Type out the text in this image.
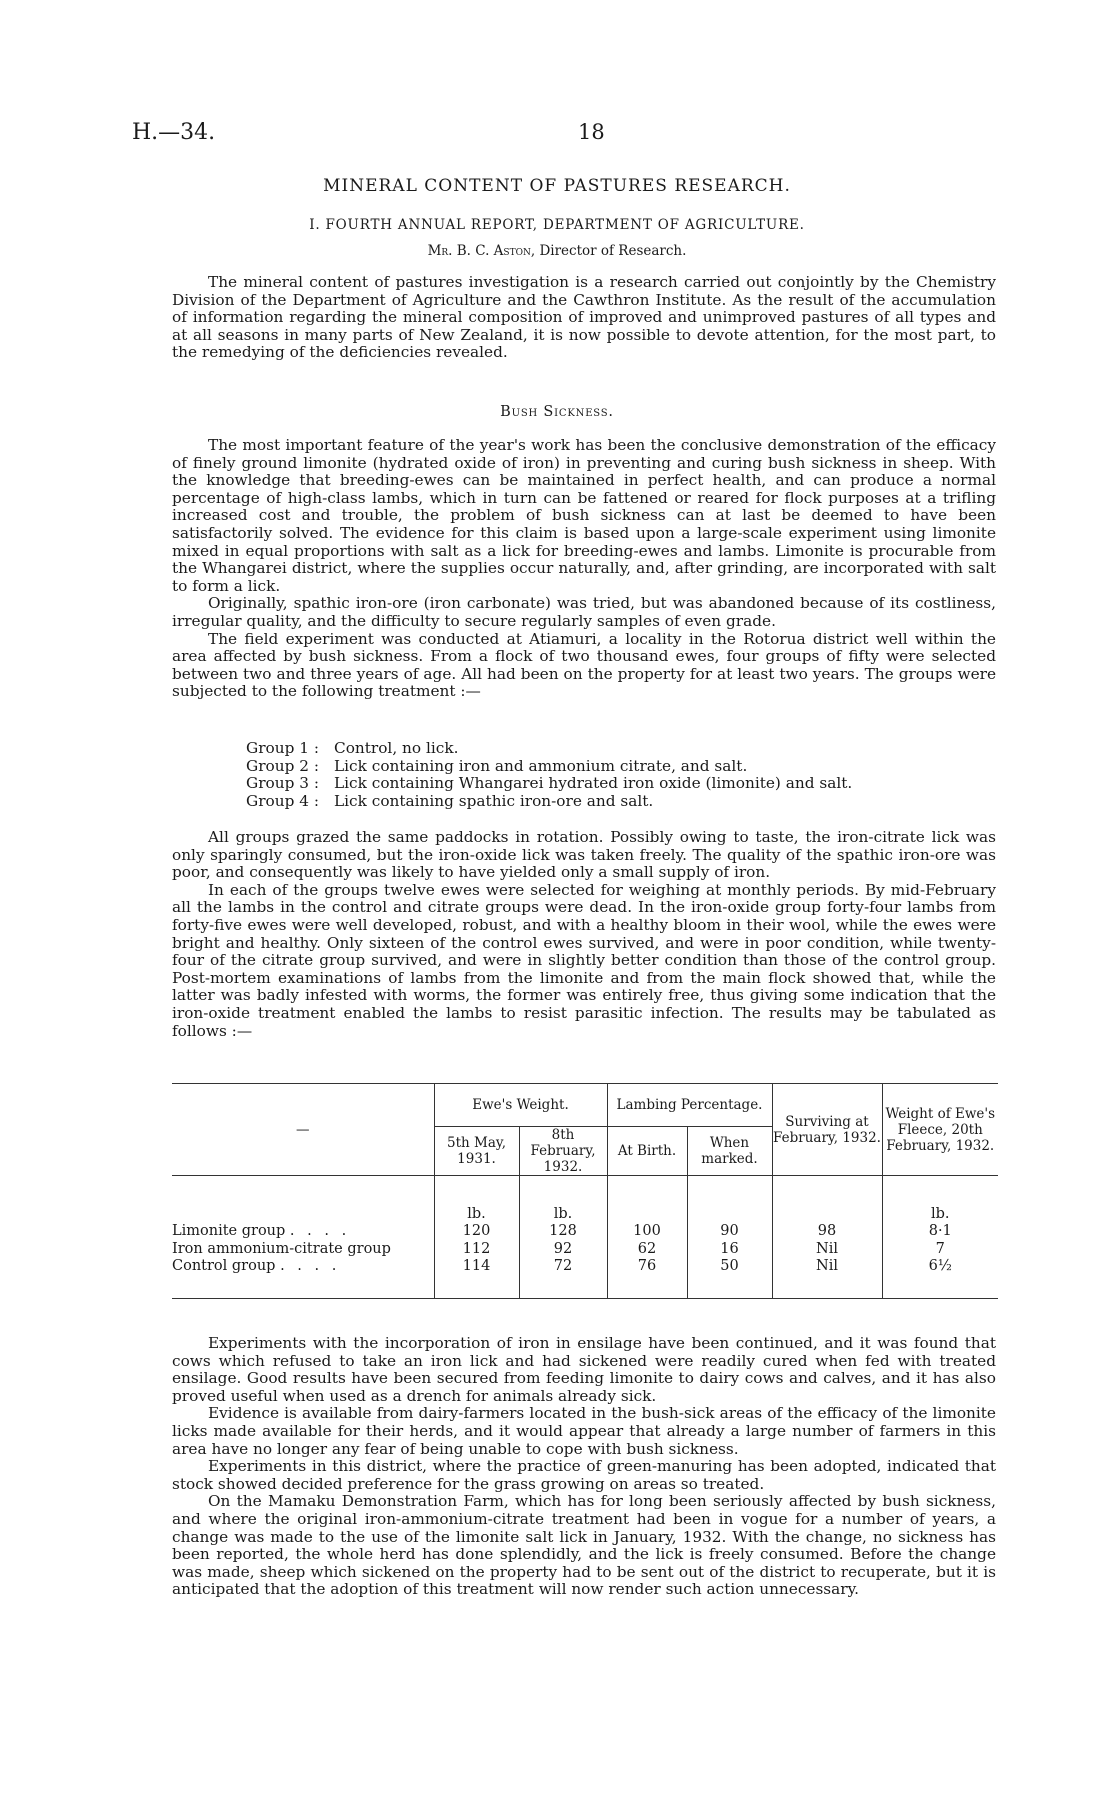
H.—34.	18
MINERAL CONTENT OF PASTURES RESEARCH.
I. FOURTH ANNUAL REPORT, DEPARTMENT OF AGRICULTURE.
Mr. B. C. Aston, Director of Research.

The mineral content of pastures investigation is a research carried out conjointly by the Chemistry Division of the Department of Agriculture and the Cawthron Institute. As the result of the accumulation of information regarding the mineral composition of improved and unimproved pastures of all types and at all seasons in many parts of New Zealand, it is now possible to devote attention, for the most part, to the remedying of the deficiencies revealed.

Bush Sickness.

The most important feature of the year's work has been the conclusive demonstration of the efficacy of finely ground limonite (hydrated oxide of iron) in preventing and curing bush sickness in sheep. With the knowledge that breeding-ewes can be maintained in perfect health, and can produce a normal percentage of high-class lambs, which in turn can be fattened or reared for flock purposes at a trifling increased cost and trouble, the problem of bush sickness can at last be deemed to have been satisfactorily solved. The evidence for this claim is based upon a large-scale experiment using limonite mixed in equal proportions with salt as a lick for breeding-ewes and lambs. Limonite is procurable from the Whangarei district, where the supplies occur naturally, and, after grinding, are incorporated with salt to form a lick.

Originally, spathic iron-ore (iron carbonate) was tried, but was abandoned because of its costliness, irregular quality, and the difficulty to secure regularly samples of even grade.

The field experiment was conducted at Atiamuri, a locality in the Rotorua district well within the area affected by bush sickness. From a flock of two thousand ewes, four groups of fifty were selected between two and three years of age. All had been on the property for at least two years. The groups were subjected to the following treatment :—

Group 1 : Control, no lick.
Group 2 : Lick containing iron and ammonium citrate, and salt.
Group 3 : Lick containing Whangarei hydrated iron oxide (limonite) and salt.
Group 4 : Lick containing spathic iron-ore and salt.

All groups grazed the same paddocks in rotation. Possibly owing to taste, the iron-citrate lick was only sparingly consumed, but the iron-oxide lick was taken freely. The quality of the spathic iron-ore was poor, and consequently was likely to have yielded only a small supply of iron.

In each of the groups twelve ewes were selected for weighing at monthly periods. By mid-February all the lambs in the control and citrate groups were dead. In the iron-oxide group forty-four lambs from forty-five ewes were well developed, robust, and with a healthy bloom in their wool, while the ewes were bright and healthy. Only sixteen of the control ewes survived, and were in poor condition, while twenty-four of the citrate group survived, and were in slightly better condition than those of the control group. Post-mortem examinations of lambs from the limonite and from the main flock showed that, while the latter was badly infested with worms, the former was entirely free, thus giving some indication that the iron-oxide treatment enabled the lambs to resist parasitic infection. The results may be tabulated as follows :—

—	Ewe's Weight.		Lambing Percentage.		Surviving at February, 1932.	Weight of Ewe's Fleece, 20th February, 1932.
	5th May, 1931.	8th February, 1932.	At Birth.	When marked.		
	lb.	lb.				lb.
Limonite group . . . .	120	128	100	90	98	8·1
Iron ammonium-citrate group	112	92	62	16	Nil	7
Control group . . . .	114	72	76	50	Nil	6½

Experiments with the incorporation of iron in ensilage have been continued, and it was found that cows which refused to take an iron lick and had sickened were readily cured when fed with treated ensilage. Good results have been secured from feeding limonite to dairy cows and calves, and it has also proved useful when used as a drench for animals already sick.

Evidence is available from dairy-farmers located in the bush-sick areas of the efficacy of the limonite licks made available for their herds, and it would appear that already a large number of farmers in this area have no longer any fear of being unable to cope with bush sickness.

Experiments in this district, where the practice of green-manuring has been adopted, indicated that stock showed decided preference for the grass growing on areas so treated.

On the Mamaku Demonstration Farm, which has for long been seriously affected by bush sickness, and where the original iron-ammonium-citrate treatment had been in vogue for a number of years, a change was made to the use of the limonite salt lick in January, 1932. With the change, no sickness has been reported, the whole herd has done splendidly, and the lick is freely consumed. Before the change was made, sheep which sickened on the property had to be sent out of the district to recuperate, but it is anticipated that the adoption of this treatment will now render such action unnecessary.
